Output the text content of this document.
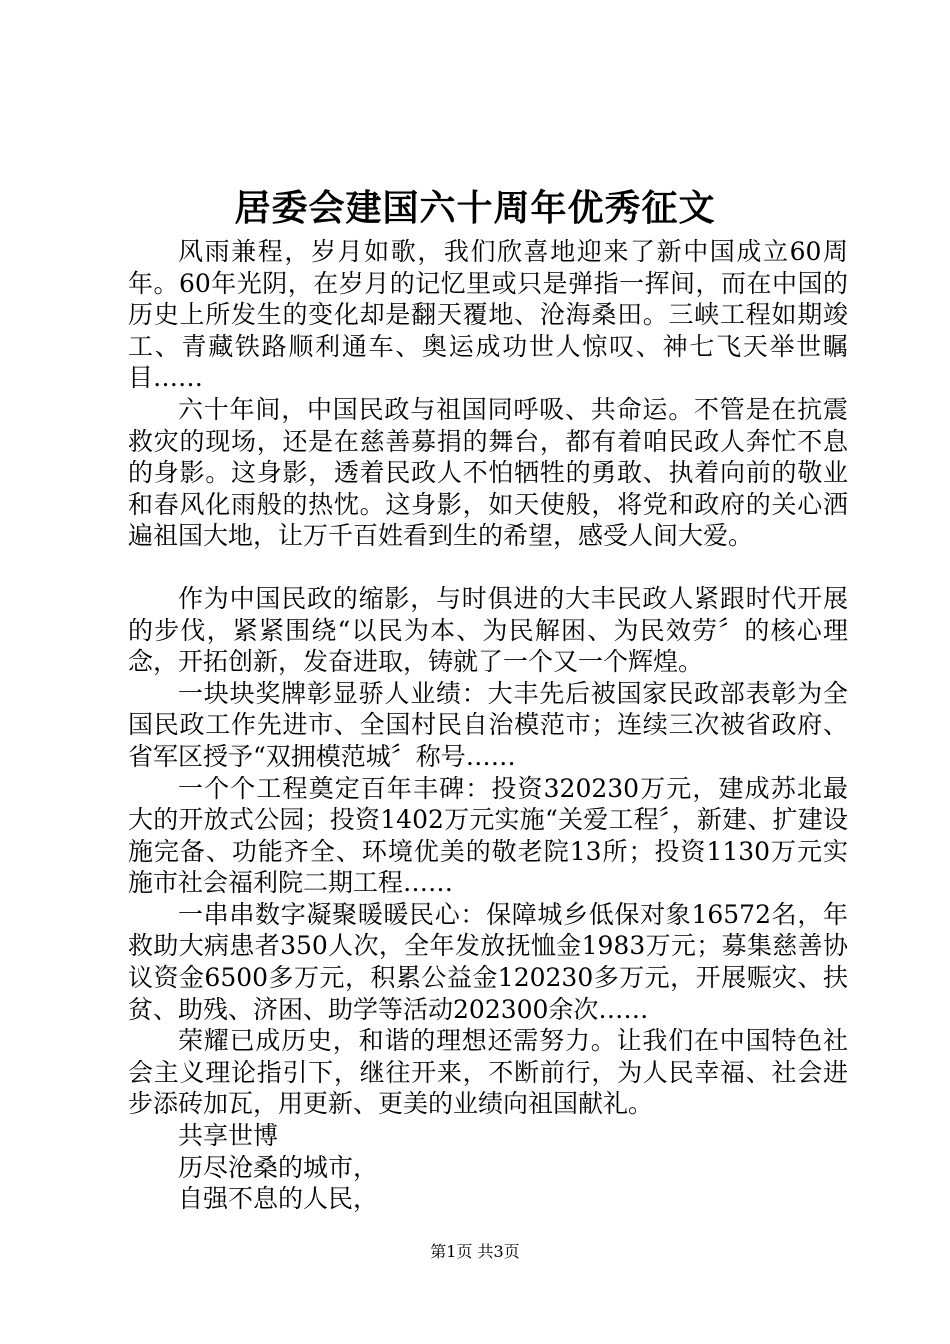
居委会建国六十周年优秀征文

风雨兼程，岁月如歌，我们欣喜地迎来了新中国成立60周年。60年光阴，在岁月的记忆里或只是弹指一挥间，而在中国的历史上所发生的变化却是翻天覆地、沧海桑田。三峡工程如期竣工、青藏铁路顺利通车、奥运成功世人惊叹、神七飞天举世瞩目……

六十年间，中国民政与祖国同呼吸、共命运。不管是在抗震救灾的现场，还是在慈善募捐的舞台，都有着咱民政人奔忙不息的身影。这身影，透着民政人不怕牺牲的勇敢、执着向前的敬业和春风化雨般的热忱。这身影，如天使般，将党和政府的关心洒遍祖国大地，让万千百姓看到生的希望，感受人间大爱。

作为中国民政的缩影，与时俱进的大丰民政人紧跟时代开展的步伐，紧紧围绕“以民为本、为民解困、为民效劳〞的核心理念，开拓创新，发奋进取，铸就了一个又一个辉煌。

一块块奖牌彰显骄人业绩：大丰先后被国家民政部表彰为全国民政工作先进市、全国村民自治模范市；连续三次被省政府、省军区授予“双拥模范城〞称号……

一个个工程奠定百年丰碑：投资320230万元，建成苏北最大的开放式公园；投资1402万元实施“关爱工程〞，新建、扩建设施完备、功能齐全、环境优美的敬老院13所；投资1130万元实施市社会福利院二期工程……

一串串数字凝聚暖暖民心：保障城乡低保对象16572名，年救助大病患者350人次，全年发放抚恤金1983万元；募集慈善协议资金6500多万元，积累公益金120230多万元，开展赈灾、扶贫、助残、济困、助学等活动202300余次……

荣耀已成历史，和谐的理想还需努力。让我们在中国特色社会主义理论指引下，继往开来，不断前行，为人民幸福、社会进步添砖加瓦，用更新、更美的业绩向祖国献礼。

共享世博

历尽沧桑的城市，

自强不息的人民，

第1页 共3页
